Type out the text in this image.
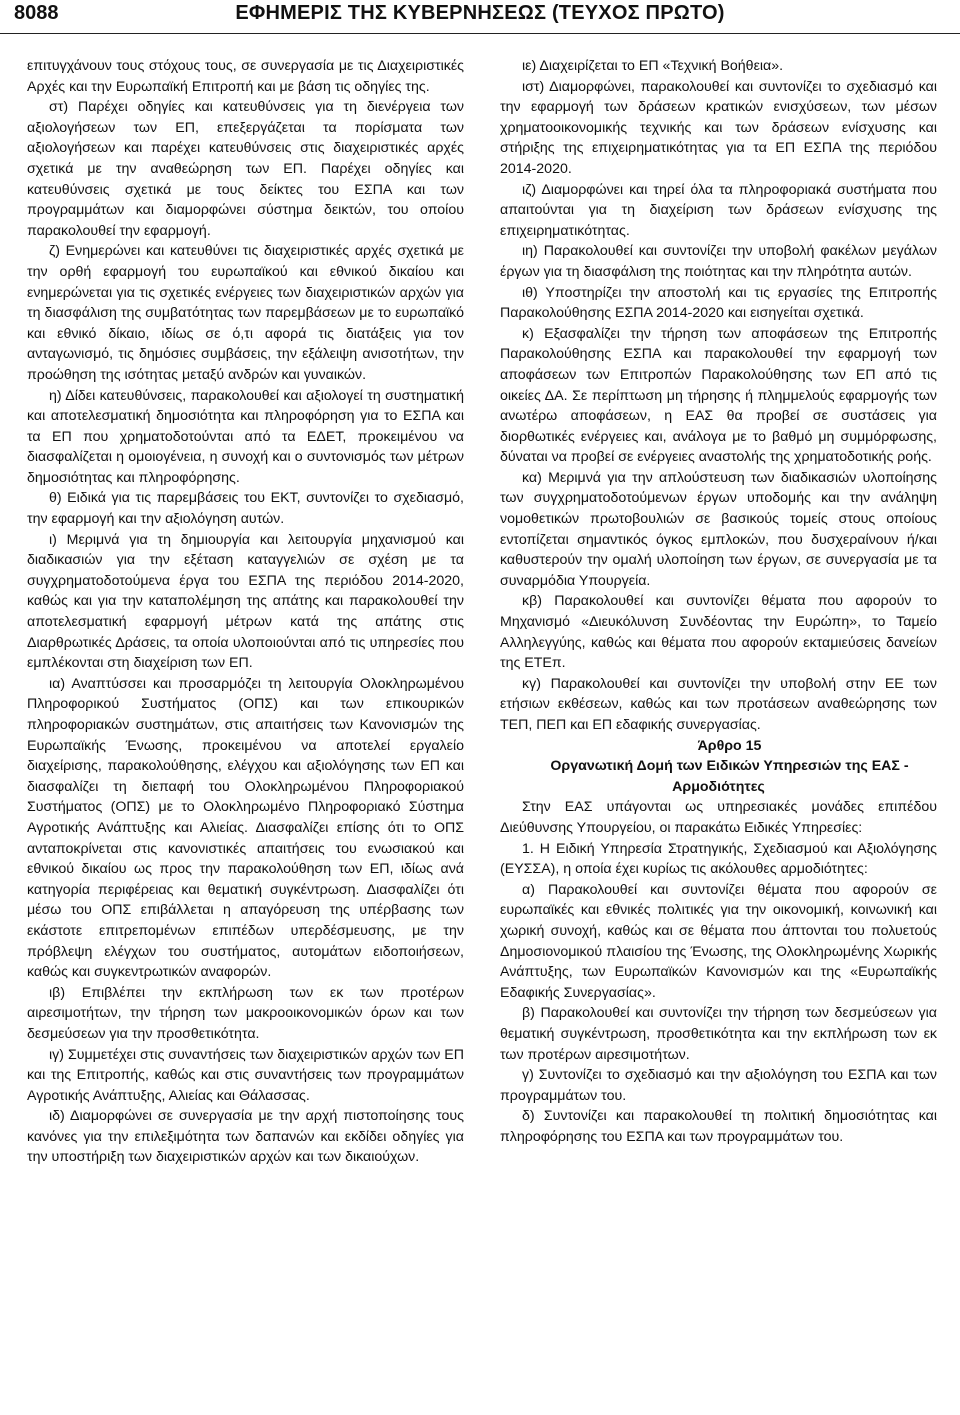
8088	ΕΦΗΜΕΡΙΣ ΤΗΣ ΚΥΒΕΡΝΗΣΕΩΣ (ΤΕΥΧΟΣ ΠΡΩΤΟ)

επιτυγχάνουν τους στόχους τους, σε συνεργασία με τις Διαχειριστικές Αρχές και την Ευρωπαϊκή Επιτροπή και με βάση τις οδηγίες της.

στ) Παρέχει οδηγίες και κατευθύνσεις για τη διενέργεια των αξιολογήσεων των ΕΠ, επεξεργάζεται τα πορίσματα των αξιολογήσεων και παρέχει κατευθύνσεις στις διαχειριστικές αρχές σχετικά με την αναθεώρηση των ΕΠ. Παρέχει οδηγίες και κατευθύνσεις σχετικά με τους δείκτες του ΕΣΠΑ και των προγραμμάτων και διαμορφώνει σύστημα δεικτών, του οποίου παρακολουθεί την εφαρμογή.

ζ) Ενημερώνει και κατευθύνει τις διαχειριστικές αρχές σχετικά με την ορθή εφαρμογή του ευρωπαϊκού και εθνικού δικαίου και ενημερώνεται για τις σχετικές ενέργειες των διαχειριστικών αρχών για τη διασφάλιση της συμβατότητας των παρεμβάσεων με το ευρωπαϊκό και εθνικό δίκαιο, ιδίως σε ό,τι αφορά τις διατάξεις για τον ανταγωνισμό, τις δημόσιες συμβάσεις, την εξάλειψη ανισοτήτων, την προώθηση της ισότητας μεταξύ ανδρών και γυναικών.

η) Δίδει κατευθύνσεις, παρακολουθεί και αξιολογεί τη συστηματική και αποτελεσματική δημοσιότητα και πληροφόρηση για το ΕΣΠΑ και τα ΕΠ που χρηματοδοτούνται από τα ΕΔΕΤ, προκειμένου να διασφαλίζεται η ομοιογένεια, η συνοχή και ο συντονισμός των μέτρων δημοσιότητας και πληροφόρησης.

θ) Ειδικά για τις παρεμβάσεις του ΕΚΤ, συντονίζει το σχεδιασμό, την εφαρμογή και την αξιολόγηση αυτών.

ι) Μεριμνά για τη δημιουργία και λειτουργία μηχανισμού και διαδικασιών για την εξέταση καταγγελιών σε σχέση με τα συγχρηματοδοτούμενα έργα του ΕΣΠΑ της περιόδου 2014-2020, καθώς και για την καταπολέμηση της απάτης και παρακολουθεί την αποτελεσματική εφαρμογή μέτρων κατά της απάτης στις Διαρθρωτικές Δράσεις, τα οποία υλοποιούνται από τις υπηρεσίες που εμπλέκονται στη διαχείριση των ΕΠ.

ια) Αναπτύσσει και προσαρμόζει τη λειτουργία Ολοκληρωμένου Πληροφορικού Συστήματος (ΟΠΣ) και των επικουρικών πληροφοριακών συστημάτων, στις απαιτήσεις των Κανονισμών της Ευρωπαϊκής Ένωσης, προκειμένου να αποτελεί εργαλείο διαχείρισης, παρακολούθησης, ελέγχου και αξιολόγησης των ΕΠ και διασφαλίζει τη διεπαφή του Ολοκληρωμένου Πληροφοριακού Συστήματος (ΟΠΣ) με το Ολοκληρωμένο Πληροφοριακό Σύστημα Αγροτικής Ανάπτυξης και Αλιείας. Διασφαλίζει επίσης ότι το ΟΠΣ ανταποκρίνεται στις κανονιστικές απαιτήσεις του ενωσιακού και εθνικού δικαίου ως προς την παρακολούθηση των ΕΠ, ιδίως ανά κατηγορία περιφέρειας και θεματική συγκέντρωση. Διασφαλίζει ότι μέσω του ΟΠΣ επιβάλλεται η απαγόρευση της υπέρβασης των εκάστοτε επιτρεπομένων επιπέδων υπερδέσμευσης, με την πρόβλεψη ελέγχων του συστήματος, αυτομάτων ειδοποιήσεων, καθώς και συγκεντρωτικών αναφορών.

ιβ) Επιβλέπει την εκπλήρωση των εκ των προτέρων αιρεσιμοτήτων, την τήρηση των μακροοικονομικών όρων και των δεσμεύσεων για την προσθετικότητα.

ιγ) Συμμετέχει στις συναντήσεις των διαχειριστικών αρχών των ΕΠ και της Επιτροπής, καθώς και στις συναντήσεις των προγραμμάτων Αγροτικής Ανάπτυξης, Αλιείας και Θάλασσας.

ιδ) Διαμορφώνει σε συνεργασία με την αρχή πιστοποίησης τους κανόνες για την επιλεξιμότητα των δαπανών και εκδίδει οδηγίες για την υποστήριξη των διαχειριστικών αρχών και των δικαιούχων.

ιε) Διαχειρίζεται το ΕΠ «Τεχνική Βοήθεια».

ιστ) Διαμορφώνει, παρακολουθεί και συντονίζει το σχεδιασμό και την εφαρμογή των δράσεων κρατικών ενισχύσεων, των μέσων χρηματοοικονομικής τεχνικής και των δράσεων ενίσχυσης και στήριξης της επιχειρηματικότητας για τα ΕΠ ΕΣΠΑ της περιόδου 2014-2020.

ιζ) Διαμορφώνει και τηρεί όλα τα πληροφοριακά συστήματα που απαιτούνται για τη διαχείριση των δράσεων ενίσχυσης της επιχειρηματικότητας.

ιη) Παρακολουθεί και συντονίζει την υποβολή φακέλων μεγάλων έργων για τη διασφάλιση της ποιότητας και την πληρότητα αυτών.

ιθ) Υποστηρίζει την αποστολή και τις εργασίες της Επιτροπής Παρακολούθησης ΕΣΠΑ 2014-2020 και εισηγείται σχετικά.

κ) Εξασφαλίζει την τήρηση των αποφάσεων της Επιτροπής Παρακολούθησης ΕΣΠΑ και παρακολουθεί την εφαρμογή των αποφάσεων των Επιτροπών Παρακολούθησης των ΕΠ από τις οικείες ΔΑ. Σε περίπτωση μη τήρησης ή πλημμελούς εφαρμογής των ανωτέρω αποφάσεων, η ΕΑΣ θα προβεί σε συστάσεις για διορθωτικές ενέργειες και, ανάλογα με το βαθμό μη συμμόρφωσης, δύναται να προβεί σε ενέργειες αναστολής της χρηματοδοτικής ροής.

κα) Μεριμνά για την απλούστευση των διαδικασιών υλοποίησης των συγχρηματοδοτούμενων έργων υποδομής και την ανάληψη νομοθετικών πρωτοβουλιών σε βασικούς τομείς στους οποίους εντοπίζεται σημαντικός όγκος εμπλοκών, που δυσχεραίνουν ή/και καθυστερούν την ομαλή υλοποίηση των έργων, σε συνεργασία με τα συναρμόδια Υπουργεία.

κβ) Παρακολουθεί και συντονίζει θέματα που αφορούν το Μηχανισμό «Διευκόλυνση Συνδέοντας την Ευρώπη», το Ταμείο Αλληλεγγύης, καθώς και θέματα που αφορούν εκταμιεύσεις δανείων της ΕΤΕπ.

κγ) Παρακολουθεί και συντονίζει την υποβολή στην ΕΕ των ετήσιων εκθέσεων, καθώς και των προτάσεων αναθεώρησης των ΤΕΠ, ΠΕΠ και ΕΠ εδαφικής συνεργασίας.

Άρθρο 15

Οργανωτική Δομή των Ειδικών Υπηρεσιών της ΕΑΣ - Αρμοδιότητες

Στην ΕΑΣ υπάγονται ως υπηρεσιακές μονάδες επιπέδου Διεύθυνσης Υπουργείου, οι παρακάτω Ειδικές Υπηρεσίες:

1. Η Ειδική Υπηρεσία Στρατηγικής, Σχεδιασμού και Αξιολόγησης (ΕΥΣΣΑ), η οποία έχει κυρίως τις ακόλουθες αρμοδιότητες:

α) Παρακολουθεί και συντονίζει θέματα που αφορούν σε ευρωπαϊκές και εθνικές πολιτικές για την οικονομική, κοινωνική και χωρική συνοχή, καθώς και σε θέματα που άπτονται του πολυετούς Δημοσιονομικού πλαισίου της Ένωσης, της Ολοκληρωμένης Χωρικής Ανάπτυξης, των Ευρωπαϊκών Κανονισμών και της «Ευρωπαϊκής Εδαφικής Συνεργασίας».

β) Παρακολουθεί και συντονίζει την τήρηση των δεσμεύσεων για θεματική συγκέντρωση, προσθετικότητα και την εκπλήρωση των εκ των προτέρων αιρεσιμοτήτων.

γ) Συντονίζει το σχεδιασμό και την αξιολόγηση του ΕΣΠΑ και των προγραμμάτων του.

δ) Συντονίζει και παρακολουθεί τη πολιτική δημοσιότητας και πληροφόρησης του ΕΣΠΑ και των προγραμμάτων του.
